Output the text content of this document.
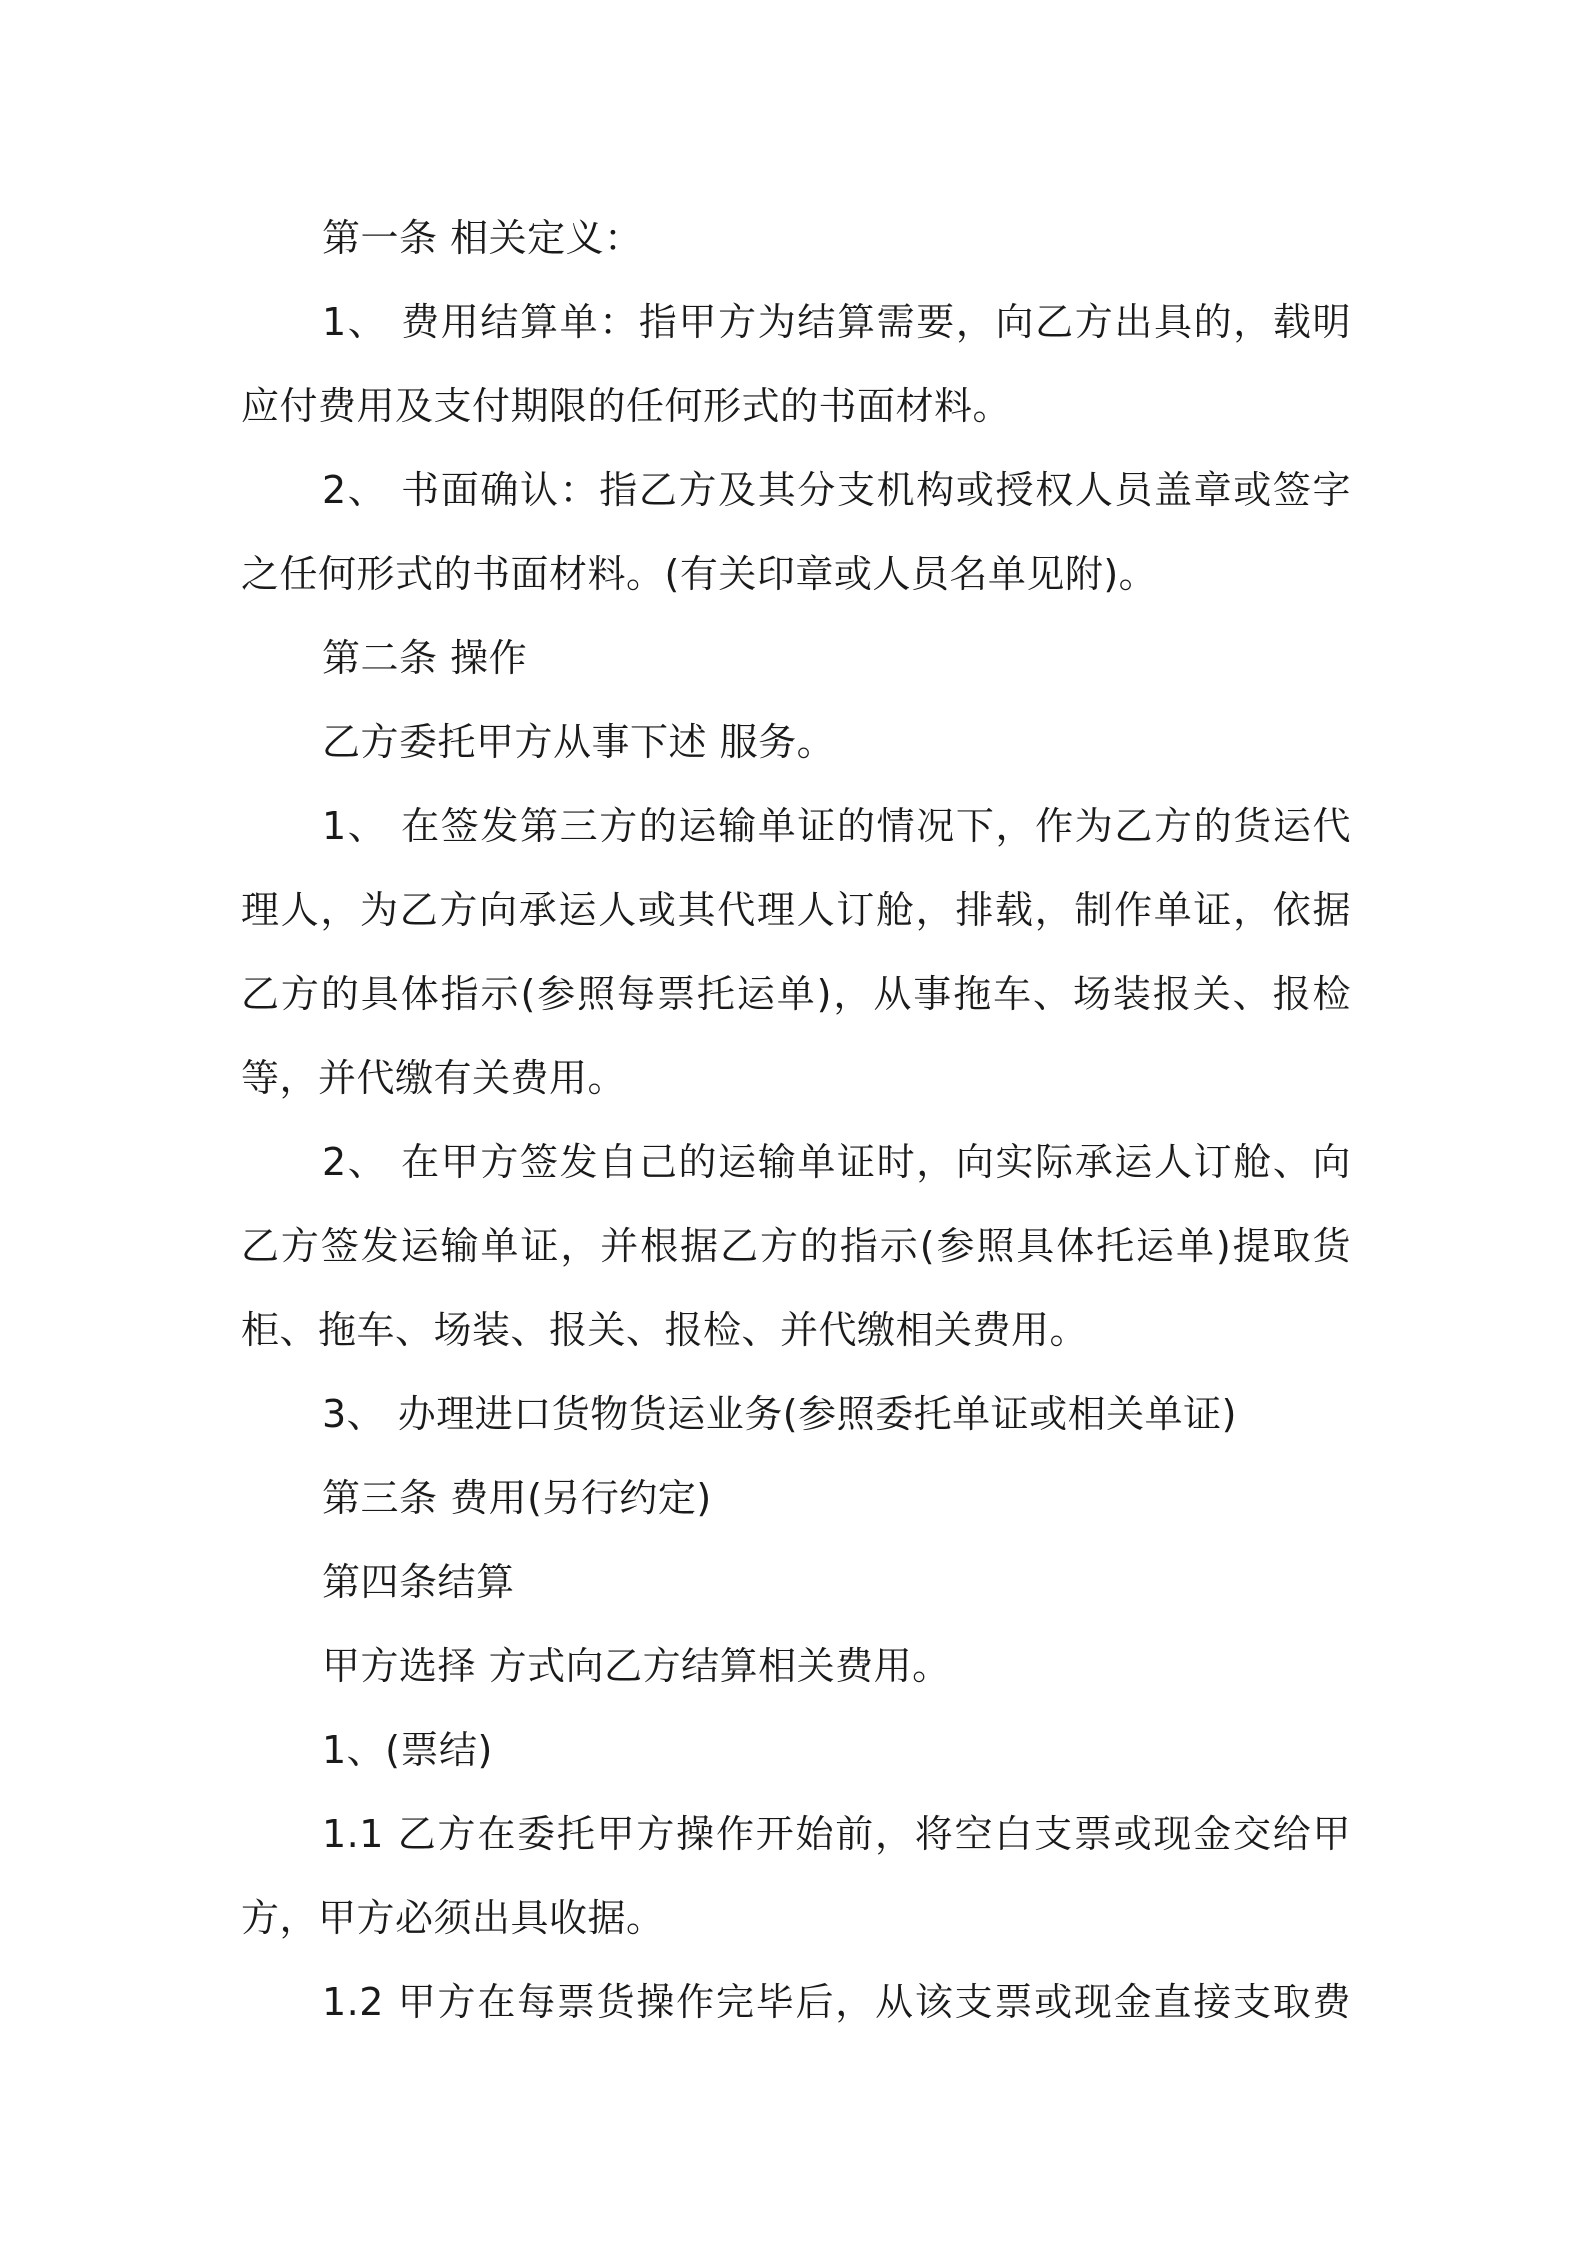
第一条 相关定义：
1、 费用结算单：指甲方为结算需要，向乙方出具的，载明
应付费用及支付期限的任何形式的书面材料。
2、 书面确认：指乙方及其分支机构或授权人员盖章或签字
之任何形式的书面材料。(有关印章或人员名单见附)。
第二条 操作
乙方委托甲方从事下述 服务。
1、 在签发第三方的运输单证的情况下，作为乙方的货运代
理人，为乙方向承运人或其代理人订舱，排载，制作单证，依据
乙方的具体指示(参照每票托运单)，从事拖车、场装报关、报检
等，并代缴有关费用。
2、 在甲方签发自己的运输单证时，向实际承运人订舱、向
乙方签发运输单证，并根据乙方的指示(参照具体托运单)提取货
柜、拖车、场装、报关、报检、并代缴相关费用。
3、 办理进口货物货运业务(参照委托单证或相关单证)
第三条 费用(另行约定)
第四条结算
甲方选择 方式向乙方结算相关费用。
1、(票结)
1.1 乙方在委托甲方操作开始前，将空白支票或现金交给甲
方，甲方必须出具收据。
1.2 甲方在每票货操作完毕后，从该支票或现金直接支取费
